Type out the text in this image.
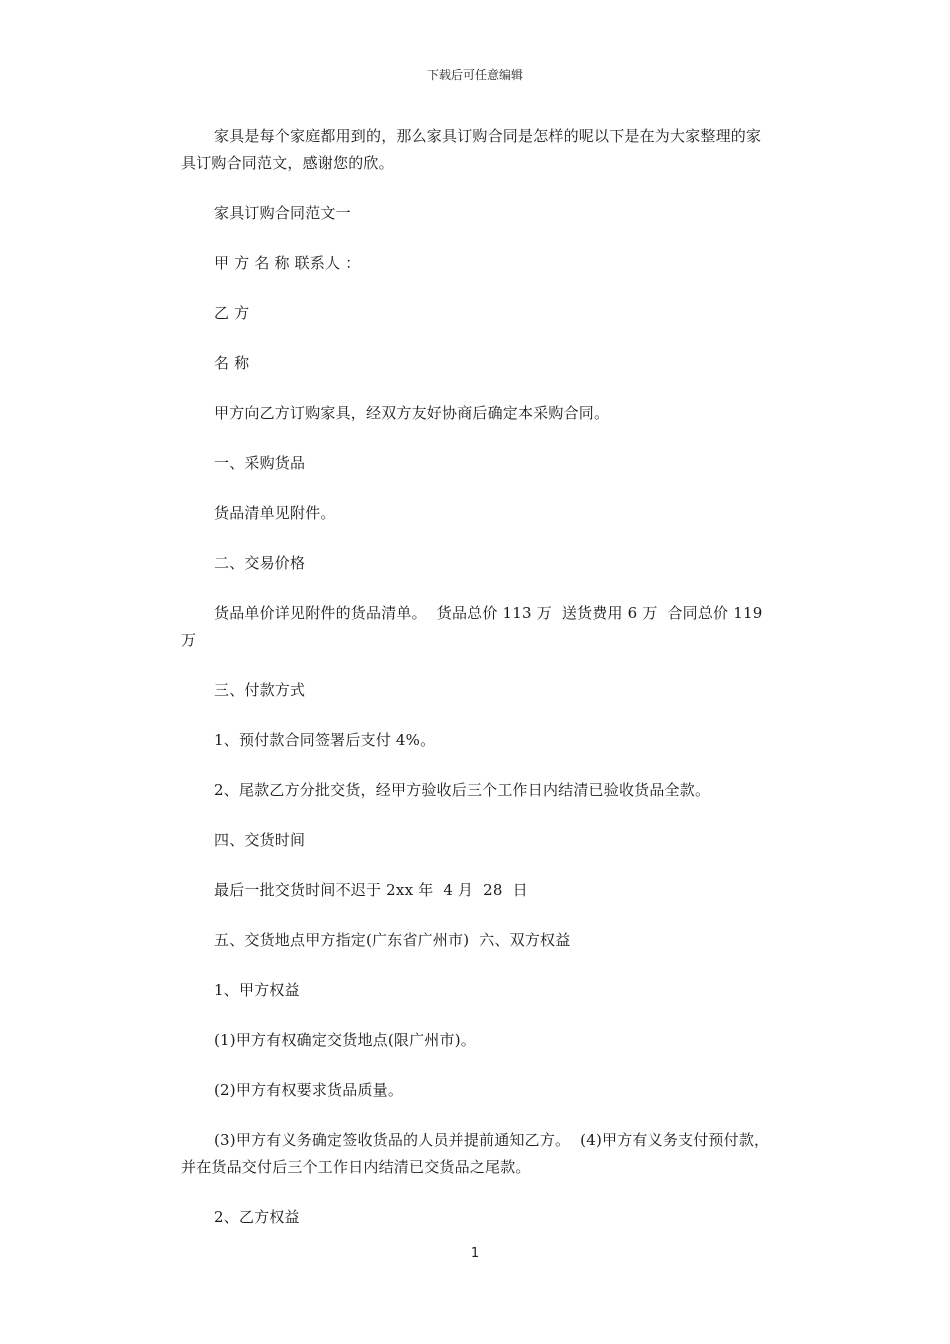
下载后可任意编辑

家具是每个家庭都用到的，那么家具订购合同是怎样的呢以下是在为大家整理的家具订购合同范文，感谢您的欣。

家具订购合同范文一

甲 方 名 称 联系人 ：

乙 方

名 称

甲方向乙方订购家具，经双方友好协商后确定本采购合同。

一、采购货品

货品清单见附件。

二、交易价格

货品单价详见附件的货品清单。  货品总价 113 万  送货费用 6 万  合同总价 119 万

三、付款方式

1、预付款合同签署后支付 4%。

2、尾款乙方分批交货，经甲方验收后三个工作日内结清已验收货品全款。

四、交货时间

最后一批交货时间不迟于 2xx 年  4 月  28  日

五、交货地点甲方指定(广东省广州市)  六、双方权益

1、甲方权益

(1)甲方有权确定交货地点(限广州市)。

(2)甲方有权要求货品质量。

(3)甲方有义务确定签收货品的人员并提前通知乙方。  (4)甲方有义务支付预付款，并在货品交付后三个工作日内结清已交货品之尾款。

2、乙方权益

1
